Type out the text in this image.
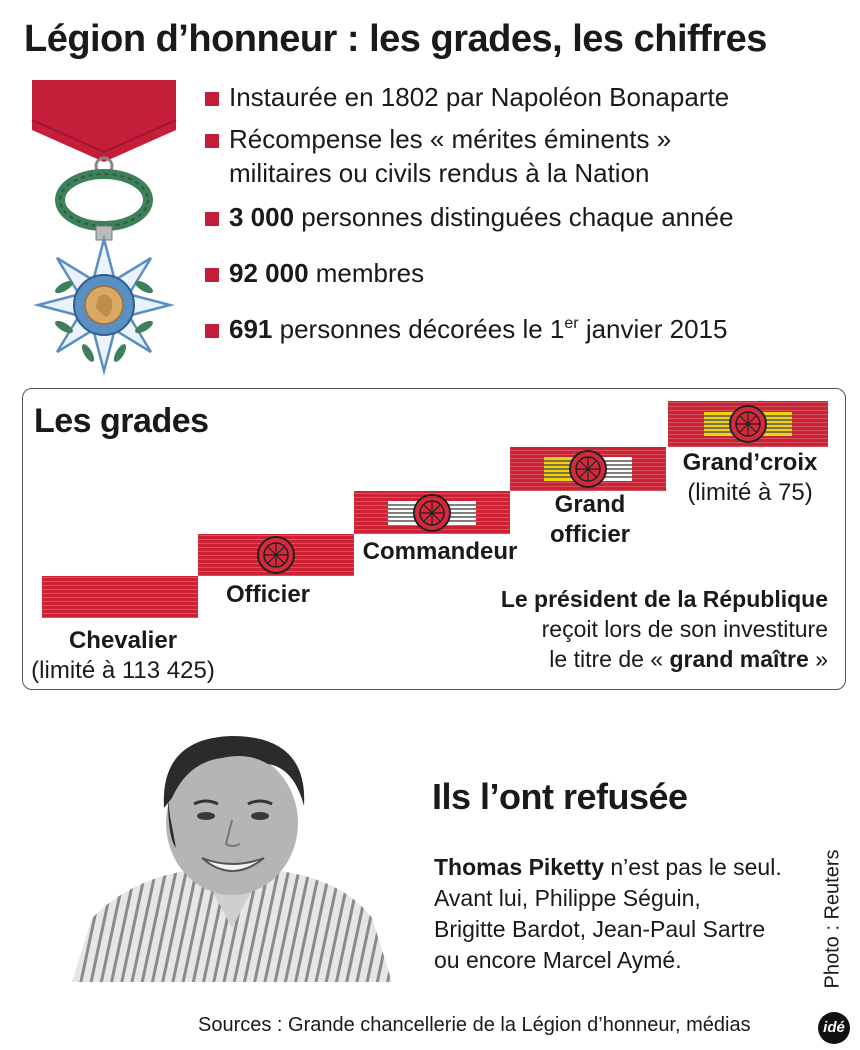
Légion d’honneur : les grades, les chiffres
Instaurée en 1802 par Napoléon Bonaparte
Récompense les « mérites éminents »
militaires ou civils rendus à la Nation
3 000 personnes distinguées chaque année
92 000 membres
691 personnes décorées le 1er janvier 2015
Les grades
Chevalier
(limité à 113 425)
Officier
Commandeur
Grand
officier
Grand’croix
(limité à 75)
Le président de la République
reçoit lors de son investiture
le titre de « grand maître »
Ils l’ont refusée
Thomas Piketty n’est pas le seul.
Avant lui, Philippe Séguin,
Brigitte Bardot, Jean-Paul Sartre
ou encore Marcel Aymé.	Photo : Reuters
Sources : Grande chancellerie de la Légion d’honneur, médias	idé
